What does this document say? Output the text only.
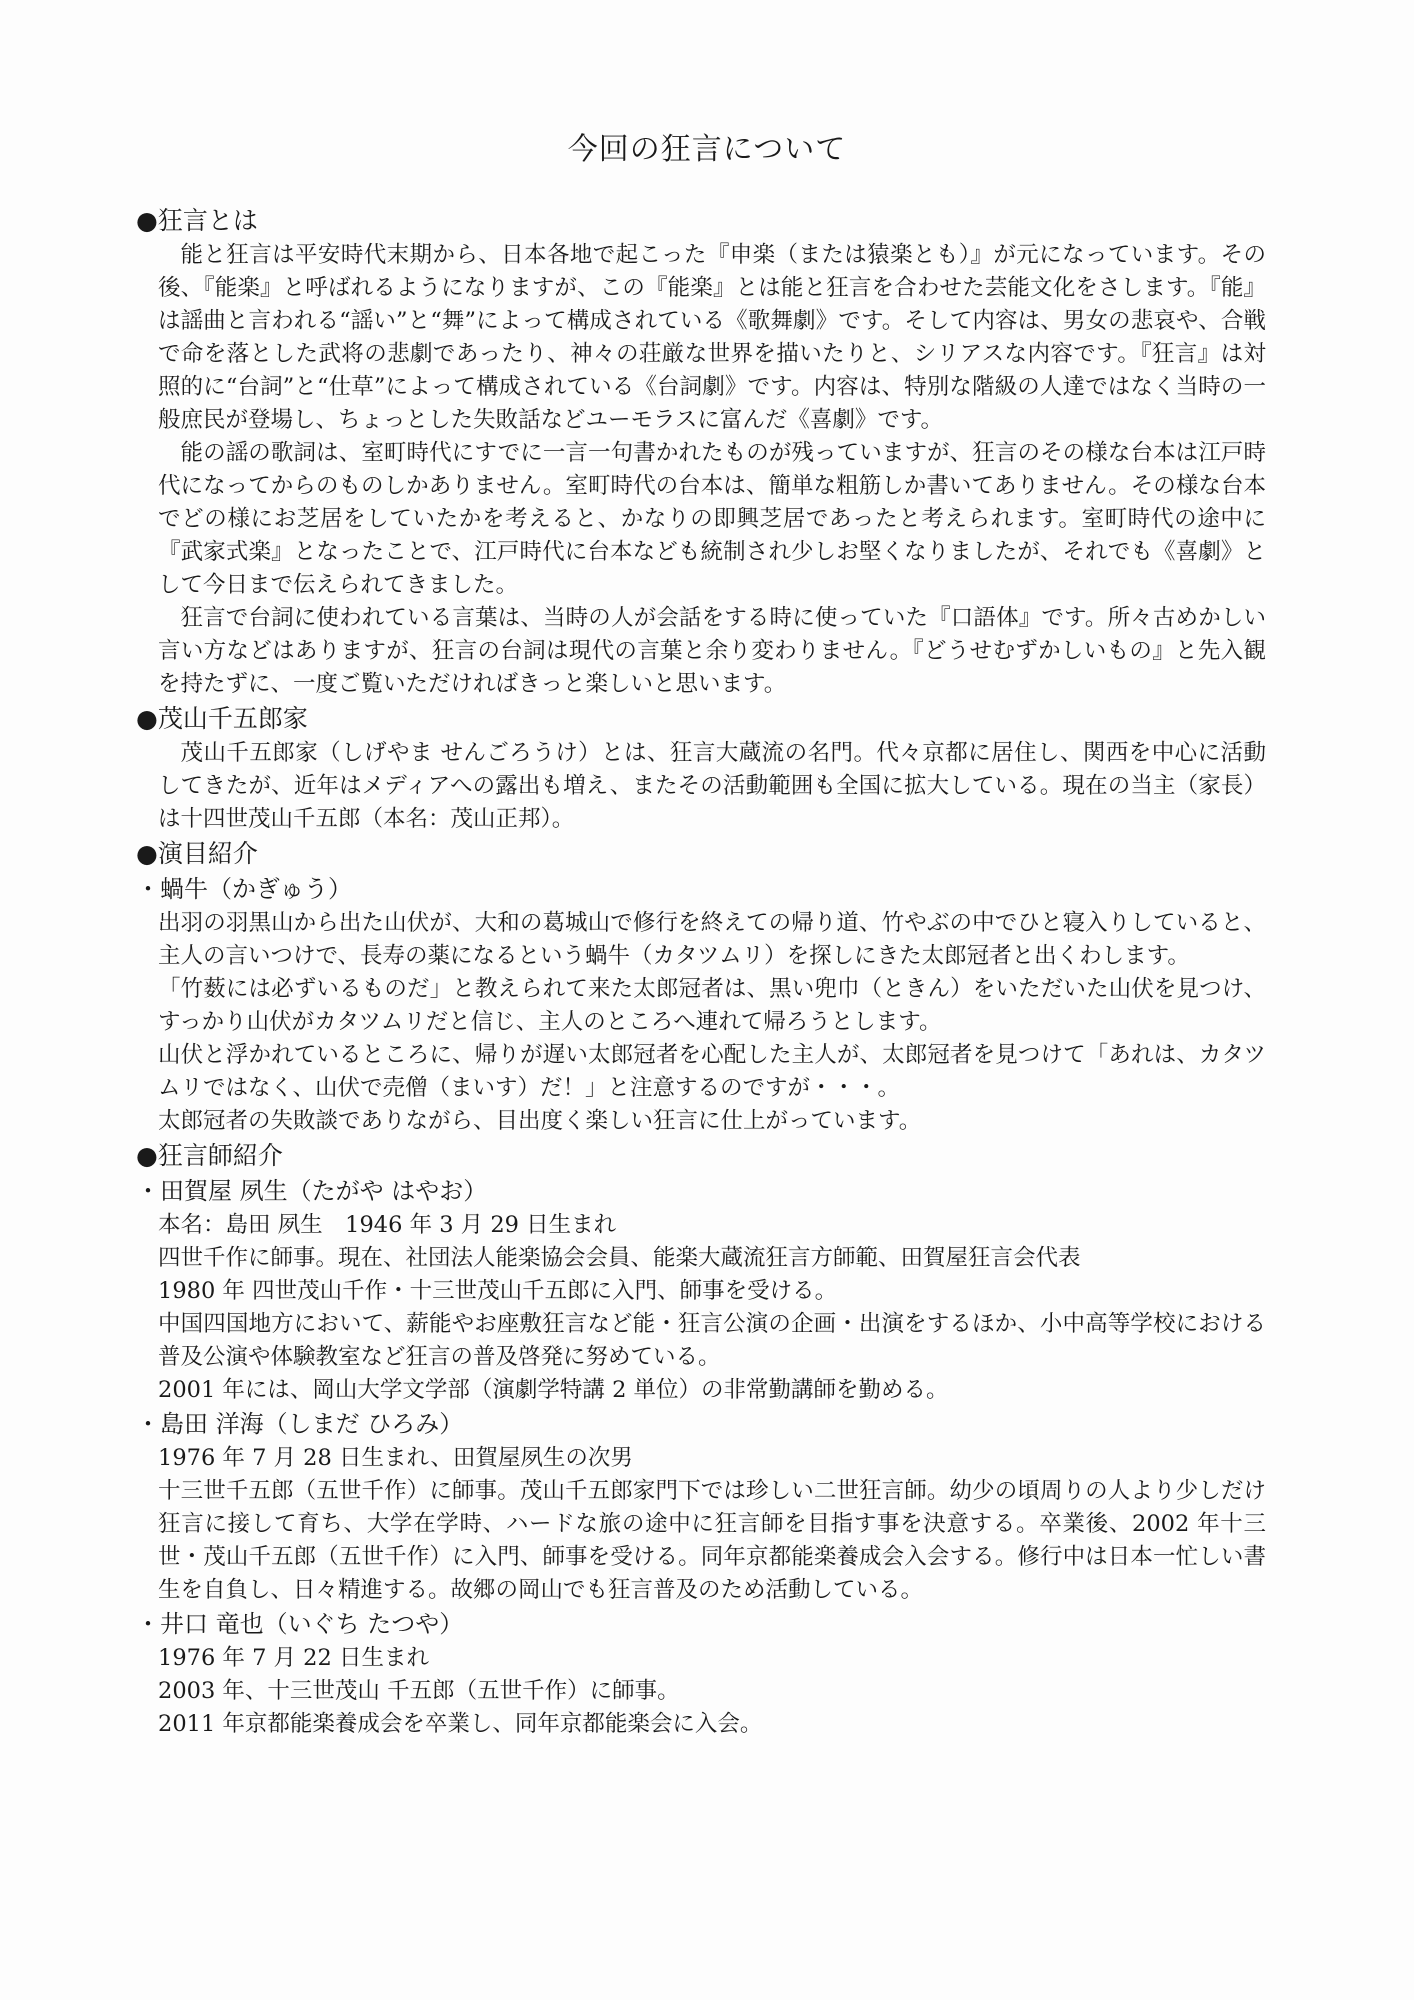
今回の狂言について
●狂言とは

能と狂言は平安時代末期から、日本各地で起こった『申楽（または猿楽とも）』が元になっています。その後、『能楽』と呼ばれるようになりますが、この『能楽』とは能と狂言を合わせた芸能文化をさします。『能』は謡曲と言われる“謡い”と“舞”によって構成されている《歌舞劇》です。そして内容は、男女の悲哀や、合戦で命を落とした武将の悲劇であったり、神々の荘厳な世界を描いたりと、シリアスな内容です。『狂言』は対照的に“台詞”と“仕草”によって構成されている《台詞劇》です。内容は、特別な階級の人達ではなく当時の一般庶民が登場し、ちょっとした失敗話などユーモラスに富んだ《喜劇》です。

能の謡の歌詞は、室町時代にすでに一言一句書かれたものが残っていますが、狂言のその様な台本は江戸時代になってからのものしかありません。室町時代の台本は、簡単な粗筋しか書いてありません。その様な台本でどの様にお芝居をしていたかを考えると、かなりの即興芝居であったと考えられます。室町時代の途中に『武家式楽』となったことで、江戸時代に台本なども統制され少しお堅くなりましたが、それでも《喜劇》として今日まで伝えられてきました。

狂言で台詞に使われている言葉は、当時の人が会話をする時に使っていた『口語体』です。所々古めかしい言い方などはありますが、狂言の台詞は現代の言葉と余り変わりません。『どうせむずかしいもの』と先入観を持たずに、一度ご覧いただければきっと楽しいと思います。

●茂山千五郎家

茂山千五郎家（しげやま せんごろうけ）とは、狂言大蔵流の名門。代々京都に居住し、関西を中心に活動してきたが、近年はメディアへの露出も増え、またその活動範囲も全国に拡大している。現在の当主（家長）は十四世茂山千五郎（本名：茂山正邦）。

●演目紹介
・蝸牛（かぎゅう）

出羽の羽黒山から出た山伏が、大和の葛城山で修行を終えての帰り道、竹やぶの中でひと寝入りしていると、主人の言いつけで、長寿の薬になるという蝸牛（カタツムリ）を探しにきた太郎冠者と出くわします。

「竹薮には必ずいるものだ」と教えられて来た太郎冠者は、黒い兜巾（ときん）をいただいた山伏を見つけ、すっかり山伏がカタツムリだと信じ、主人のところへ連れて帰ろうとします。

山伏と浮かれているところに、帰りが遅い太郎冠者を心配した主人が、太郎冠者を見つけて「あれは、カタツムリではなく、山伏で売僧（まいす）だ！」と注意するのですが・・・。

太郎冠者の失敗談でありながら、目出度く楽しい狂言に仕上がっています。

●狂言師紹介
・田賀屋 夙生（たがや はやお）

本名：島田 夙生　1946 年 3 月 29 日生まれ

四世千作に師事。現在、社団法人能楽協会会員、能楽大蔵流狂言方師範、田賀屋狂言会代表

1980 年 四世茂山千作・十三世茂山千五郎に入門、師事を受ける。

中国四国地方において、薪能やお座敷狂言など能・狂言公演の企画・出演をするほか、小中高等学校における普及公演や体験教室など狂言の普及啓発に努めている。

2001 年には、岡山大学文学部（演劇学特講 2 単位）の非常勤講師を勤める。

・島田 洋海（しまだ ひろみ）

1976 年 7 月 28 日生まれ、田賀屋夙生の次男

十三世千五郎（五世千作）に師事。茂山千五郎家門下では珍しい二世狂言師。幼少の頃周りの人より少しだけ狂言に接して育ち、大学在学時、ハードな旅の途中に狂言師を目指す事を決意する。卒業後、2002 年十三世・茂山千五郎（五世千作）に入門、師事を受ける。同年京都能楽養成会入会する。修行中は日本一忙しい書生を自負し、日々精進する。故郷の岡山でも狂言普及のため活動している。

・井口 竜也（いぐち たつや）

1976 年 7 月 22 日生まれ

2003 年、十三世茂山 千五郎（五世千作）に師事。

2011 年京都能楽養成会を卒業し、同年京都能楽会に入会。
